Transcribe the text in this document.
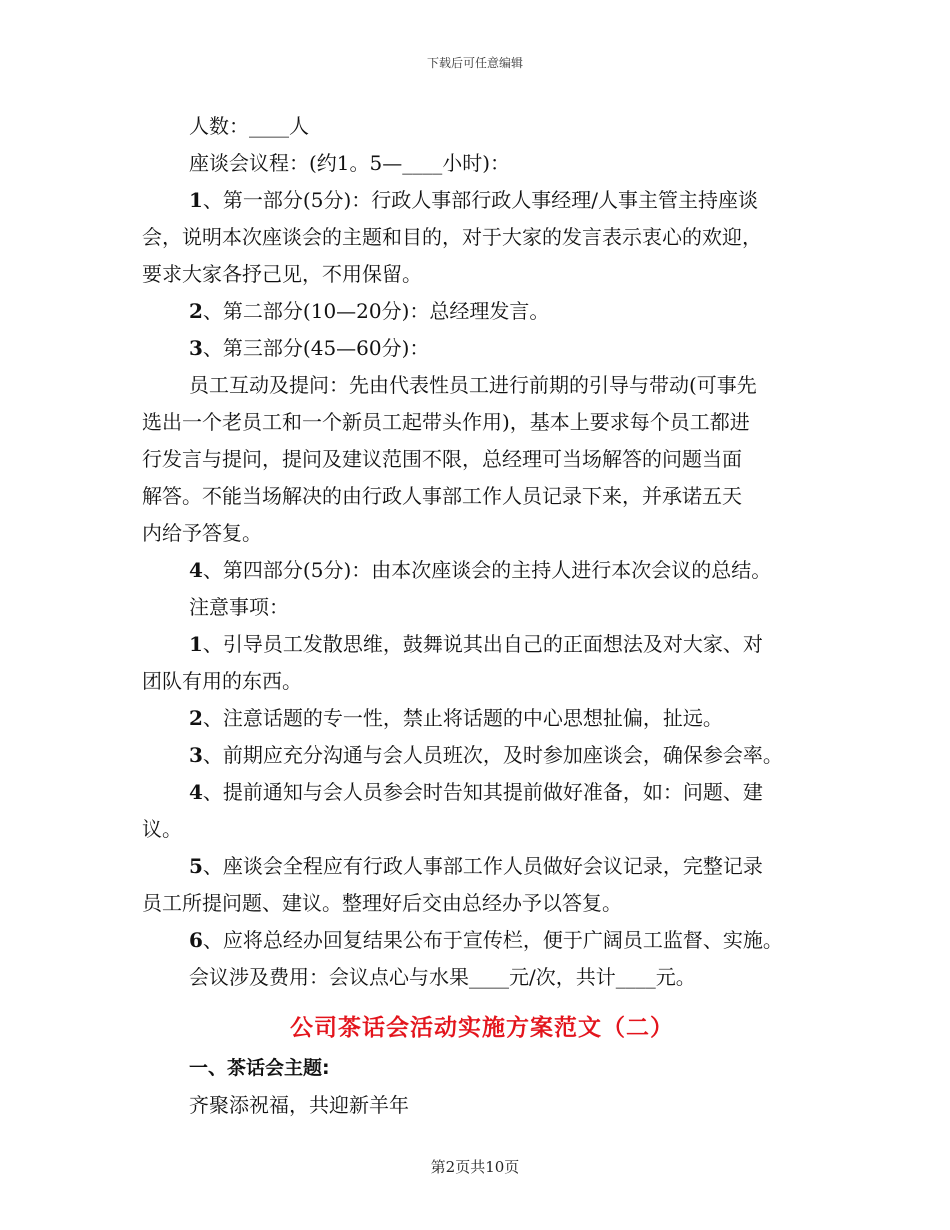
下载后可任意编辑
人数：____人
座谈会议程：(约1。5—____小时)：
1、第一部分(5分)：行政人事部行政人事经理/人事主管主持座谈
会，说明本次座谈会的主题和目的，对于大家的发言表示衷心的欢迎，
要求大家各抒己见，不用保留。
2、第二部分(10—20分)：总经理发言。
3、第三部分(45—60分)：
员工互动及提问：先由代表性员工进行前期的引导与带动(可事先
选出一个老员工和一个新员工起带头作用)，基本上要求每个员工都进
行发言与提问，提问及建议范围不限，总经理可当场解答的问题当面
解答。不能当场解决的由行政人事部工作人员记录下来，并承诺五天
内给予答复。
4、第四部分(5分)：由本次座谈会的主持人进行本次会议的总结。
注意事项：
1、引导员工发散思维，鼓舞说其出自己的正面想法及对大家、对
团队有用的东西。
2、注意话题的专一性，禁止将话题的中心思想扯偏，扯远。
3、前期应充分沟通与会人员班次，及时参加座谈会，确保参会率。
4、提前通知与会人员参会时告知其提前做好准备，如：问题、建
议。
5、座谈会全程应有行政人事部工作人员做好会议记录，完整记录
员工所提问题、建议。整理好后交由总经办予以答复。
6、应将总经办回复结果公布于宣传栏，便于广阔员工监督、实施。
会议涉及费用：会议点心与水果____元/次，共计____元。
公司茶话会活动实施方案范文（二）
一、茶话会主题:
齐聚添祝福，共迎新羊年
第2页共10页
